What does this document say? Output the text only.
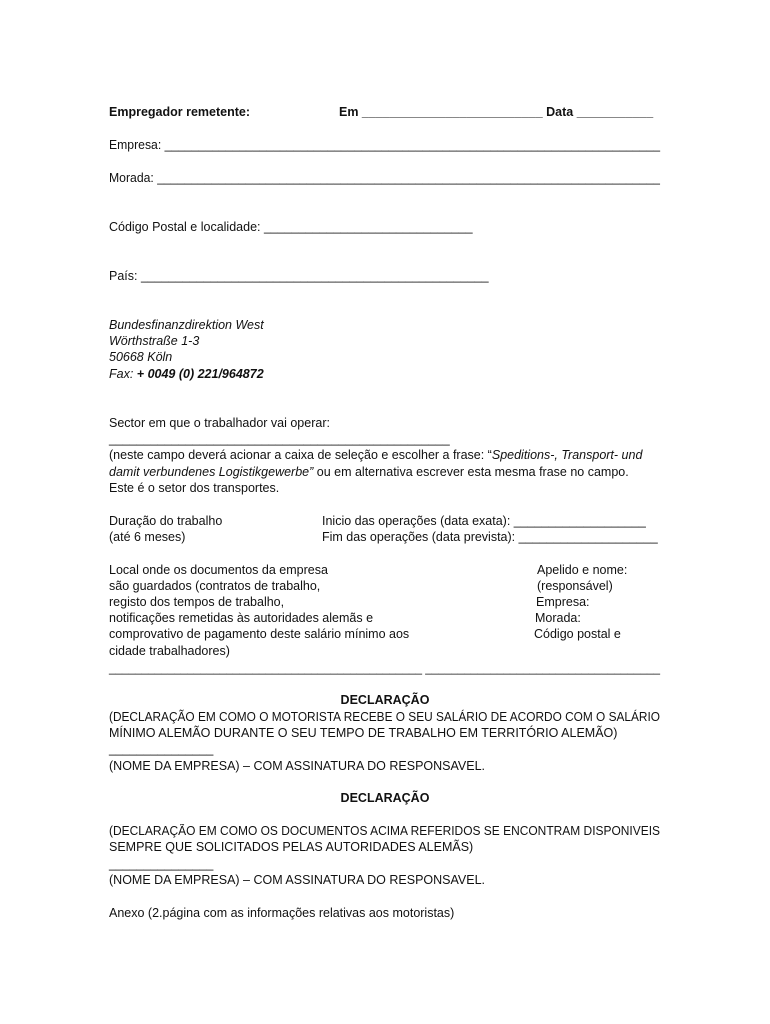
Empregador remetente:	Em __________________________ Data ___________
Empresa: _________________________________________________________________________
Morada: __________________________________________________________________________
Código Postal e localidade: ______________________________
País: __________________________________________________
Bundesfinanzdirektion West
Wörthstraße 1-3
50668 Köln
Fax: + 0049 (0) 221/964872
Sector em que o trabalhador vai operar:
_________________________________________________
(neste campo deverá acionar a caixa de seleção e escolher a frase: “Speditions-, Transport- und
damit verbundenes Logistikgewerbe” ou em alternativa escrever esta mesma frase no campo.
Este é o setor dos transportes.
Duração do trabalho
(até 6 meses)
Inicio das operações (data exata): ___________________
Fim das operações (data prevista): ____________________
Local onde os documentos da empresa
são guardados (contratos de trabalho,
registo dos tempos de trabalho,
notificações remetidas às autoridades alemãs e
comprovativo de pagamento deste salário mínimo aos
cidade trabalhadores)
Apelido e nome:
(responsável)
Empresa:
Morada:
Código postal e
________________________________________________ ____________________________________
DECLARAÇÃO
(DECLARAÇÃO EM COMO O MOTORISTA RECEBE O SEU SALÁRIO DE ACORDO COM O SALÁRIO
MÍNIMO ALEMÃO DURANTE O SEU TEMPO DE TRABALHO EM TERRITÓRIO ALEMÃO)
_______________
(NOME DA EMPRESA) – COM ASSINATURA DO RESPONSAVEL.
DECLARAÇÃO
(DECLARAÇÃO EM COMO OS DOCUMENTOS ACIMA REFERIDOS SE ENCONTRAM DISPONIVEIS
SEMPRE QUE SOLICITADOS PELAS AUTORIDADES ALEMÃS)
_______________
(NOME DA EMPRESA) – COM ASSINATURA DO RESPONSAVEL.
Anexo (2.página com as informações relativas aos motoristas)
